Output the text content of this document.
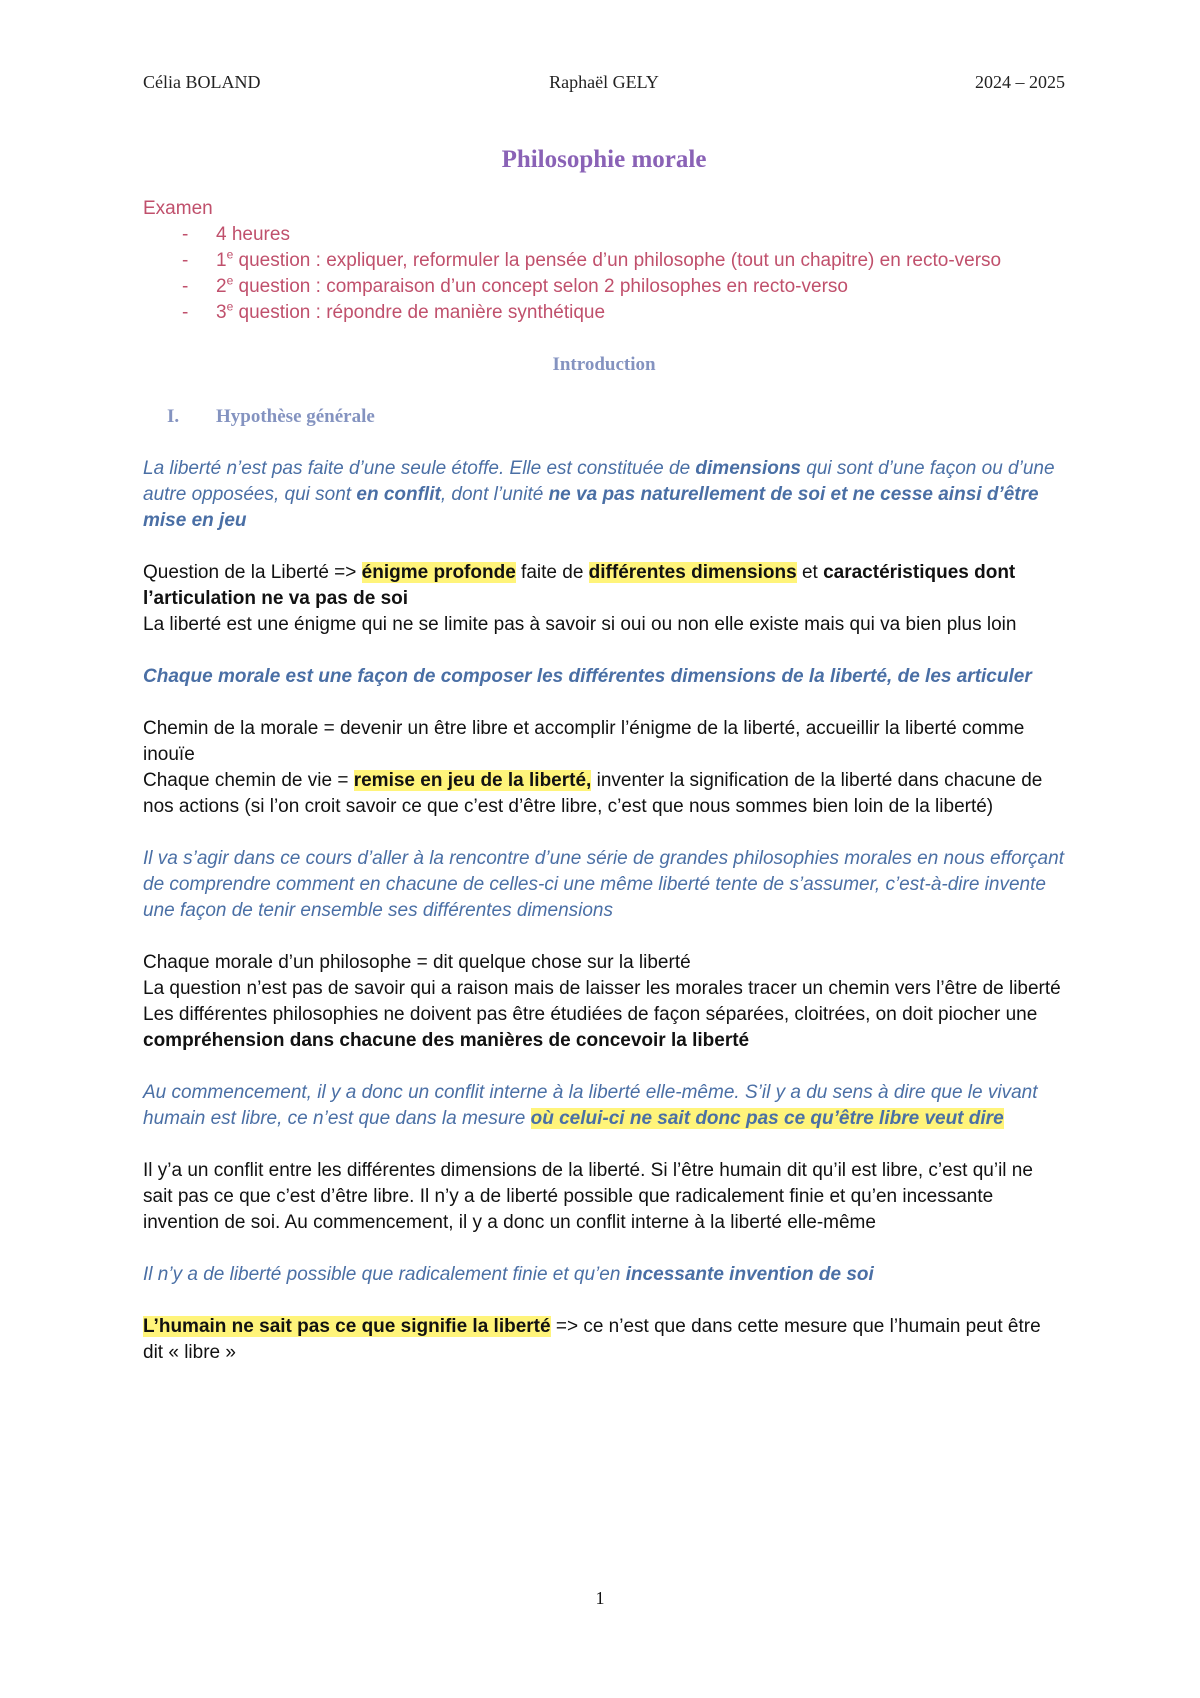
Célia BOLAND	Raphaël GELY	2024 – 2025
Philosophie morale
Examen
- 4 heures
- 1e question : expliquer, reformuler la pensée d’un philosophe (tout un chapitre) en recto-verso
- 2e question : comparaison d’un concept selon 2 philosophes en recto-verso
- 3e question : répondre de manière synthétique
Introduction
I. Hypothèse générale

La liberté n’est pas faite d’une seule étoffe. Elle est constituée de dimensions qui sont d’une façon ou d’une autre opposées, qui sont en conflit, dont l’unité ne va pas naturellement de soi et ne cesse ainsi d’être mise en jeu

Question de la Liberté => énigme profonde faite de différentes dimensions et caractéristiques dont l’articulation ne va pas de soi

La liberté est une énigme qui ne se limite pas à savoir si oui ou non elle existe mais qui va bien plus loin

Chaque morale est une façon de composer les différentes dimensions de la liberté, de les articuler

Chemin de la morale = devenir un être libre et accomplir l’énigme de la liberté, accueillir la liberté comme inouïe

Chaque chemin de vie = remise en jeu de la liberté, inventer la signification de la liberté dans chacune de nos actions (si l’on croit savoir ce que c’est d’être libre, c’est que nous sommes bien loin de la liberté)

Il va s’agir dans ce cours d’aller à la rencontre d’une série de grandes philosophies morales en nous efforçant de comprendre comment en chacune de celles-ci une même liberté tente de s’assumer, c’est-à-dire invente une façon de tenir ensemble ses différentes dimensions

Chaque morale d’un philosophe = dit quelque chose sur la liberté

La question n’est pas de savoir qui a raison mais de laisser les morales tracer un chemin vers l’être de liberté

Les différentes philosophies ne doivent pas être étudiées de façon séparées, cloitrées, on doit piocher une compréhension dans chacune des manières de concevoir la liberté

Au commencement, il y a donc un conflit interne à la liberté elle-même. S’il y a du sens à dire que le vivant humain est libre, ce n’est que dans la mesure où celui-ci ne sait donc pas ce qu’être libre veut dire

Il y’a un conflit entre les différentes dimensions de la liberté. Si l’être humain dit qu’il est libre, c’est qu’il ne sait pas ce que c’est d’être libre. Il n’y a de liberté possible que radicalement finie et qu’en incessante invention de soi. Au commencement, il y a donc un conflit interne à la liberté elle-même

Il n’y a de liberté possible que radicalement finie et qu’en incessante invention de soi

L’humain ne sait pas ce que signifie la liberté => ce n’est que dans cette mesure que l’humain peut être dit « libre »

1
